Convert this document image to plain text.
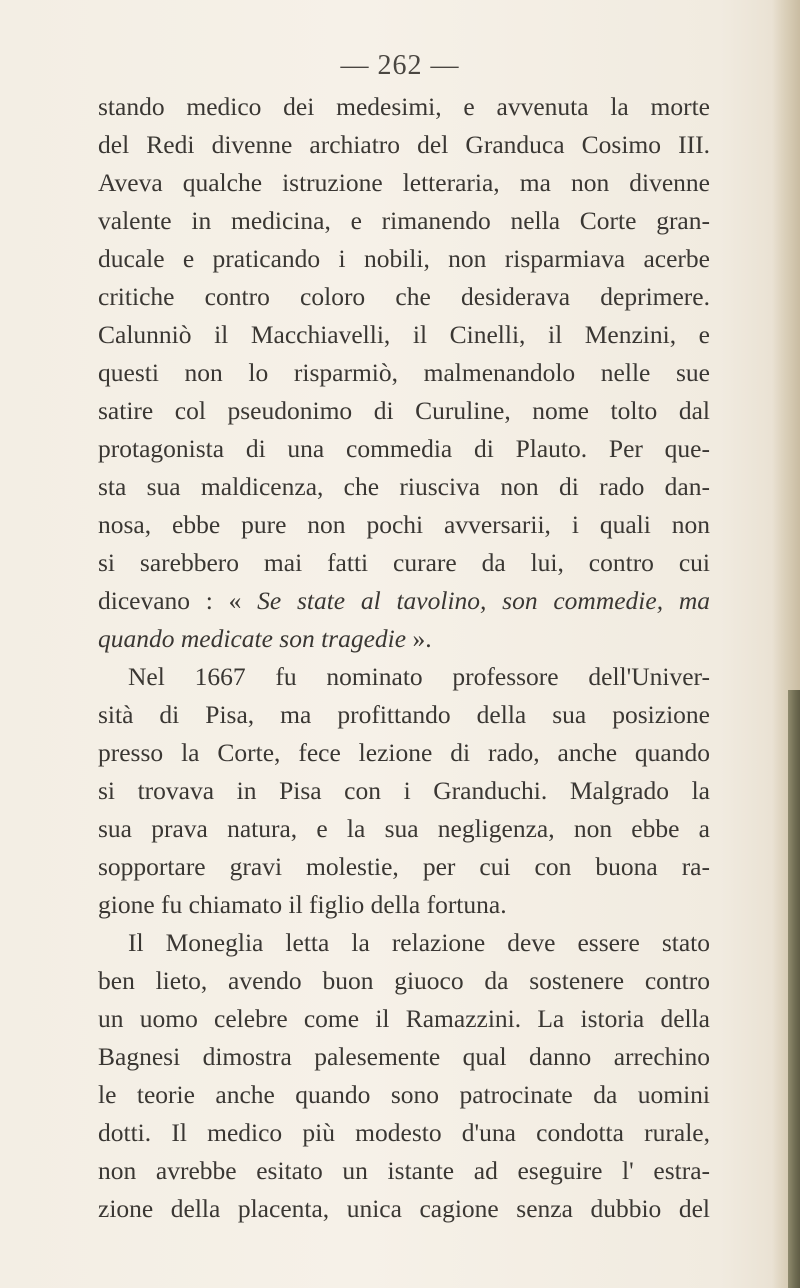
— 262 —
stando medico dei medesimi, e avvenuta la morte
del Redi divenne archiatro del Granduca Cosimo III.
Aveva qualche istruzione letteraria, ma non divenne
valente in medicina, e rimanendo nella Corte gran-
ducale e praticando i nobili, non risparmiava acerbe
critiche contro coloro che desiderava deprimere.
Calunniò il Macchiavelli, il Cinelli, il Menzini, e
questi non lo risparmiò, malmenandolo nelle sue
satire col pseudonimo di Curuline, nome tolto dal
protagonista di una commedia di Plauto. Per que-
sta sua maldicenza, che riusciva non di rado dan-
nosa, ebbe pure non pochi avversarii, i quali non
si sarebbero mai fatti curare da lui, contro cui
dicevano : « Se state al tavolino, son commedie, ma
quando medicate son tragedie ».
Nel 1667 fu nominato professore dell'Univer-
sità di Pisa, ma profittando della sua posizione
presso la Corte, fece lezione di rado, anche quando
si trovava in Pisa con i Granduchi. Malgrado la
sua prava natura, e la sua negligenza, non ebbe a
sopportare gravi molestie, per cui con buona ra-
gione fu chiamato il figlio della fortuna.
Il Moneglia letta la relazione deve essere stato
ben lieto, avendo buon giuoco da sostenere contro
un uomo celebre come il Ramazzini. La istoria della
Bagnesi dimostra palesemente qual danno arrechino
le teorie anche quando sono patrocinate da uomini
dotti. Il medico più modesto d'una condotta rurale,
non avrebbe esitato un istante ad eseguire l' estra-
zione della placenta, unica cagione senza dubbio del
